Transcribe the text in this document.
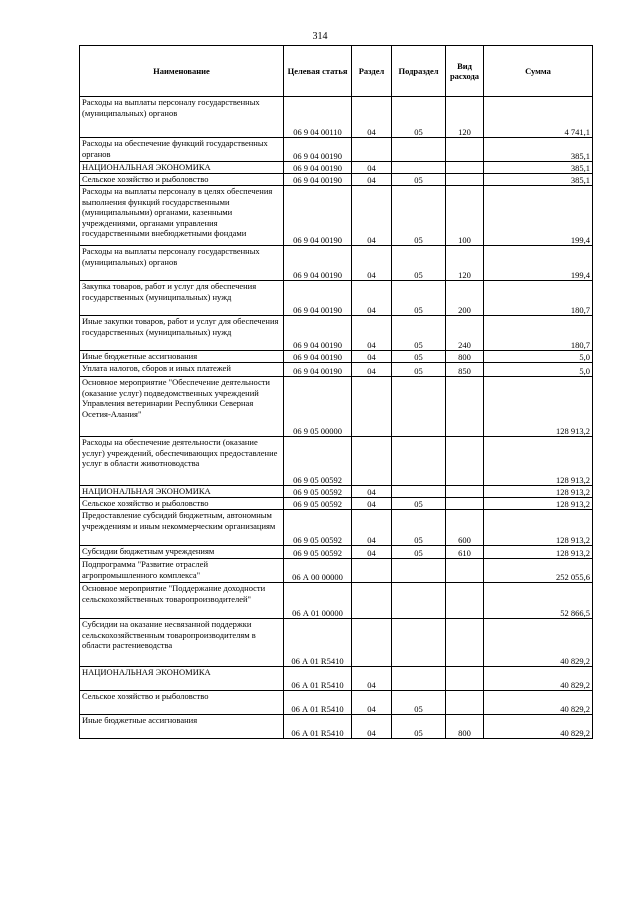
314
Наименование	Целевая статья	Раздел	Подраздел	Вид расхода	Сумма
Расходы на выплаты персоналу государственных (муниципальных) органов	06 9 04 00110	04	05	120	4 741,1
Расходы на обеспечение функций государственных органов	06 9 04 00190				385,1
НАЦИОНАЛЬНАЯ ЭКОНОМИКА	06 9 04 00190	04			385,1
Сельское хозяйство и рыболовство	06 9 04 00190	04	05		385,1
Расходы на выплаты персоналу в целях обеспечения выполнения функций государственными (муниципальными) органами, казенными учреждениями, органами управления государственными внебюджетными фондами	06 9 04 00190	04	05	100	199,4
Расходы на выплаты персоналу государственных (муниципальных) органов	06 9 04 00190	04	05	120	199,4
Закупка товаров, работ и услуг для обеспечения государственных (муниципальных) нужд	06 9 04 00190	04	05	200	180,7
Иные закупки товаров, работ и услуг для обеспечения государственных (муниципальных) нужд	06 9 04 00190	04	05	240	180,7
Иные бюджетные ассигнования	06 9 04 00190	04	05	800	5,0
Уплата налогов, сборов и иных платежей	06 9 04 00190	04	05	850	5,0
Основное мероприятие "Обеспечение деятельности (оказание услуг) подведомственных учреждений Управления ветеринарии Республики Северная Осетия-Алания"	06 9 05 00000				128 913,2
Расходы на обеспечение деятельности (оказание услуг) учреждений, обеспечивающих предоставление услуг в области животноводства	06 9 05 00592				128 913,2
НАЦИОНАЛЬНАЯ ЭКОНОМИКА	06 9 05 00592	04			128 913,2
Сельское хозяйство и рыболовство	06 9 05 00592	04	05		128 913,2
Предоставление субсидий бюджетным, автономным учреждениям и иным некоммерческим организациям	06 9 05 00592	04	05	600	128 913,2
Субсидии бюджетным учреждениям	06 9 05 00592	04	05	610	128 913,2
Подпрограмма "Развитие отраслей агропромышленного комплекса"	06 А 00 00000				252 055,6
Основное мероприятие "Поддержание доходности сельскохозяйственных товаропроизводителей"	06 А 01 00000				52 866,5
Субсидии на оказание несвязанной поддержки сельскохозяйственным товаропроизводителям в области растениеводства	06 А 01 R5410				40 829,2
НАЦИОНАЛЬНАЯ ЭКОНОМИКА	06 А 01 R5410	04			40 829,2
Сельское хозяйство и рыболовство	06 А 01 R5410	04	05		40 829,2
Иные бюджетные ассигнования	06 А 01 R5410	04	05	800	40 829,2
